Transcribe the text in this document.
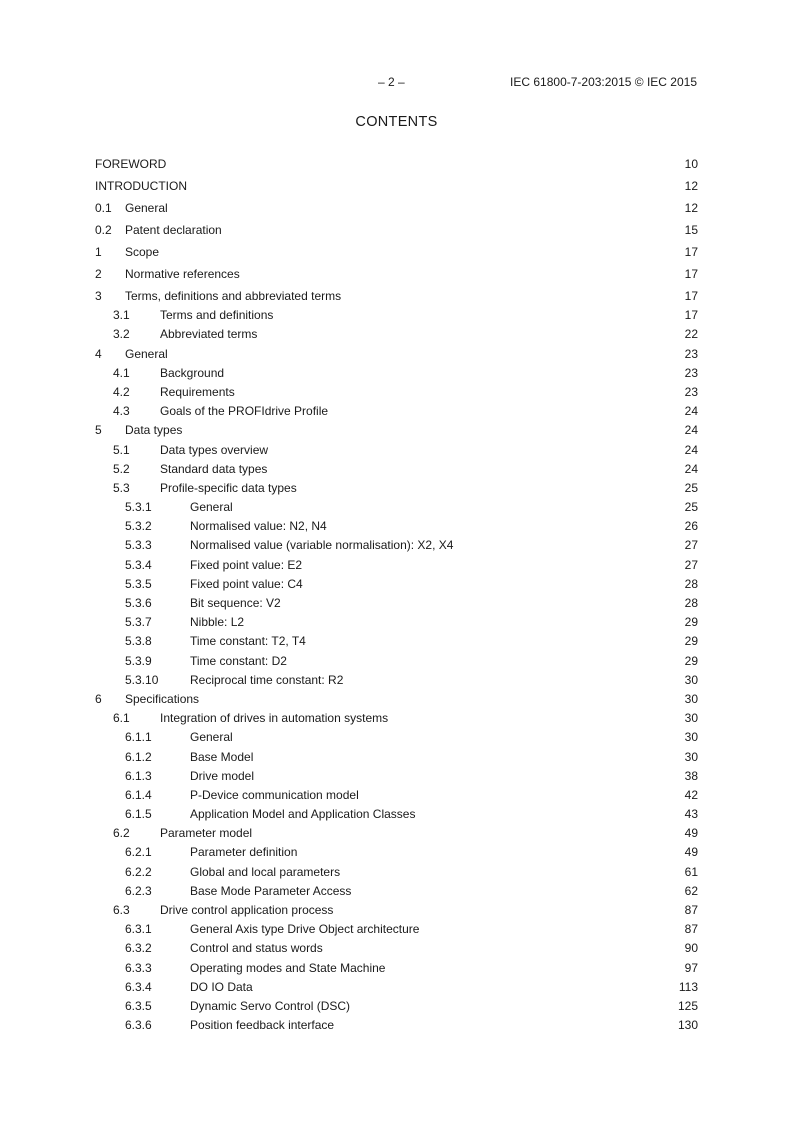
– 2 –	IEC 61800-7-203:2015 © IEC 2015
CONTENTS
FOREWORD	10
INTRODUCTION	12
0.1	General	12
0.2	Patent declaration	15
1	Scope	17
2	Normative references	17
3	Terms, definitions and abbreviated terms	17
3.1	Terms and definitions	17
3.2	Abbreviated terms	22
4	General	23
4.1	Background	23
4.2	Requirements	23
4.3	Goals of the PROFIdrive Profile	24
5	Data types	24
5.1	Data types overview	24
5.2	Standard data types	24
5.3	Profile-specific data types	25
5.3.1	General	25
5.3.2	Normalised value: N2, N4	26
5.3.3	Normalised value (variable normalisation): X2, X4	27
5.3.4	Fixed point value: E2	27
5.3.5	Fixed point value: C4	28
5.3.6	Bit sequence: V2	28
5.3.7	Nibble: L2	29
5.3.8	Time constant: T2, T4	29
5.3.9	Time constant: D2	29
5.3.10	Reciprocal time constant: R2	30
6	Specifications	30
6.1	Integration of drives in automation systems	30
6.1.1	General	30
6.1.2	Base Model	30
6.1.3	Drive model	38
6.1.4	P-Device communication model	42
6.1.5	Application Model and Application Classes	43
6.2	Parameter model	49
6.2.1	Parameter definition	49
6.2.2	Global and local parameters	61
6.2.3	Base Mode Parameter Access	62
6.3	Drive control application process	87
6.3.1	General Axis type Drive Object architecture	87
6.3.2	Control and status words	90
6.3.3	Operating modes and State Machine	97
6.3.4	DO IO Data	113
6.3.5	Dynamic Servo Control (DSC)	125
6.3.6	Position feedback interface	130
